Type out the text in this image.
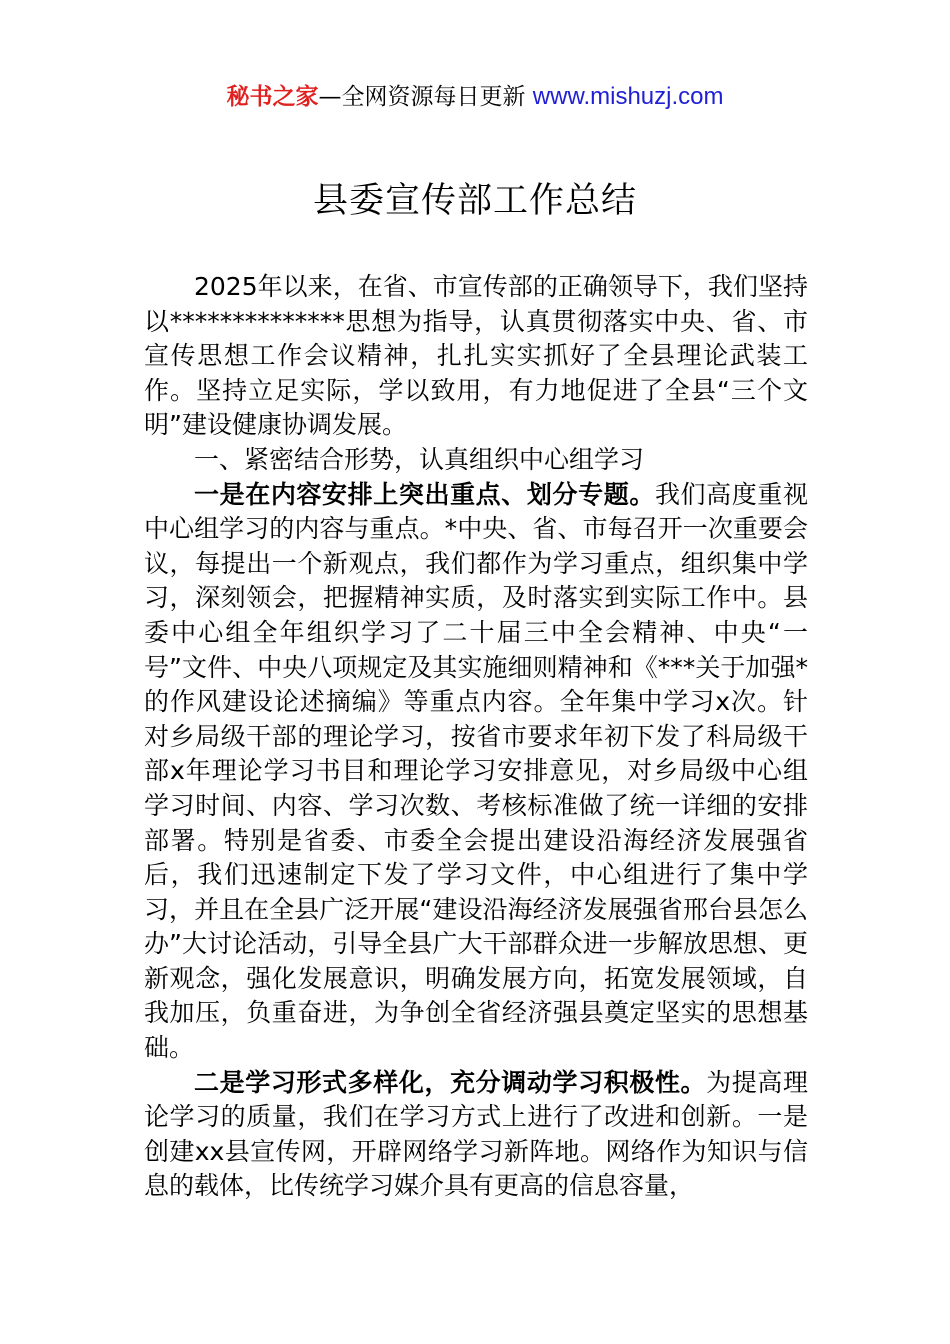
秘书之家—全网资源每日更新 www.mishuzj.com
县委宣传部工作总结

2025年以来，在省、市宣传部的正确领导下，我们坚持以**************思想为指导，认真贯彻落实中央、省、市宣传思想工作会议精神，扎扎实实抓好了全县理论武装工作。坚持立足实际，学以致用，有力地促进了全县“三个文明”建设健康协调发展。

一、紧密结合形势，认真组织中心组学习

一是在内容安排上突出重点、划分专题。我们高度重视中心组学习的内容与重点。*中央、省、市每召开一次重要会议，每提出一个新观点，我们都作为学习重点，组织集中学习，深刻领会，把握精神实质，及时落实到实际工作中。县委中心组全年组织学习了二十届三中全会精神、中央“一号”文件、中央八项规定及其实施细则精神和《***关于加强*的作风建设论述摘编》等重点内容。全年集中学习x次。针对乡局级干部的理论学习，按省市要求年初下发了科局级干部x年理论学习书目和理论学习安排意见，对乡局级中心组学习时间、内容、学习次数、考核标准做了统一详细的安排部署。特别是省委、市委全会提出建设沿海经济发展强省后，我们迅速制定下发了学习文件，中心组进行了集中学习，并且在全县广泛开展“建设沿海经济发展强省邢台县怎么办”大讨论活动，引导全县广大干部群众进一步解放思想、更新观念，强化发展意识，明确发展方向，拓宽发展领域，自我加压，负重奋进，为争创全省经济强县奠定坚实的思想基础。

二是学习形式多样化，充分调动学习积极性。为提高理论学习的质量，我们在学习方式上进行了改进和创新。一是创建xx县宣传网，开辟网络学习新阵地。网络作为知识与信息的载体，比传统学习媒介具有更高的信息容量，
